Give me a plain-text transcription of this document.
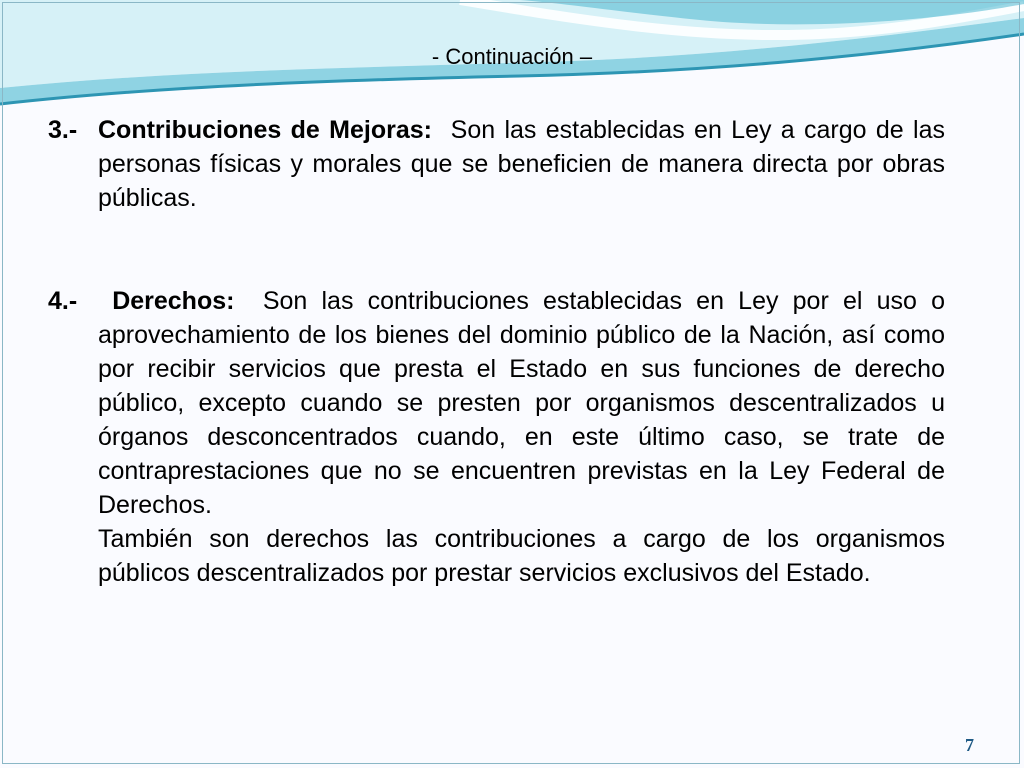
- Continuación –
3.- Contribuciones de Mejoras: Son las establecidas en Ley a cargo de las personas físicas y morales que se beneficien de manera directa por obras públicas.

4.-	Derechos: Son las contribuciones establecidas en Ley por el uso o aprovechamiento de los bienes del dominio público de la Nación, así como por recibir servicios que presta el Estado en sus funciones de derecho público, excepto cuando se presten por organismos descentralizados u órganos desconcentrados cuando, en este último caso, se trate de contraprestaciones que no se encuentren previstas en la Ley Federal de Derechos.

También son derechos las contribuciones a cargo de los organismos públicos descentralizados por prestar servicios exclusivos del Estado.

7
